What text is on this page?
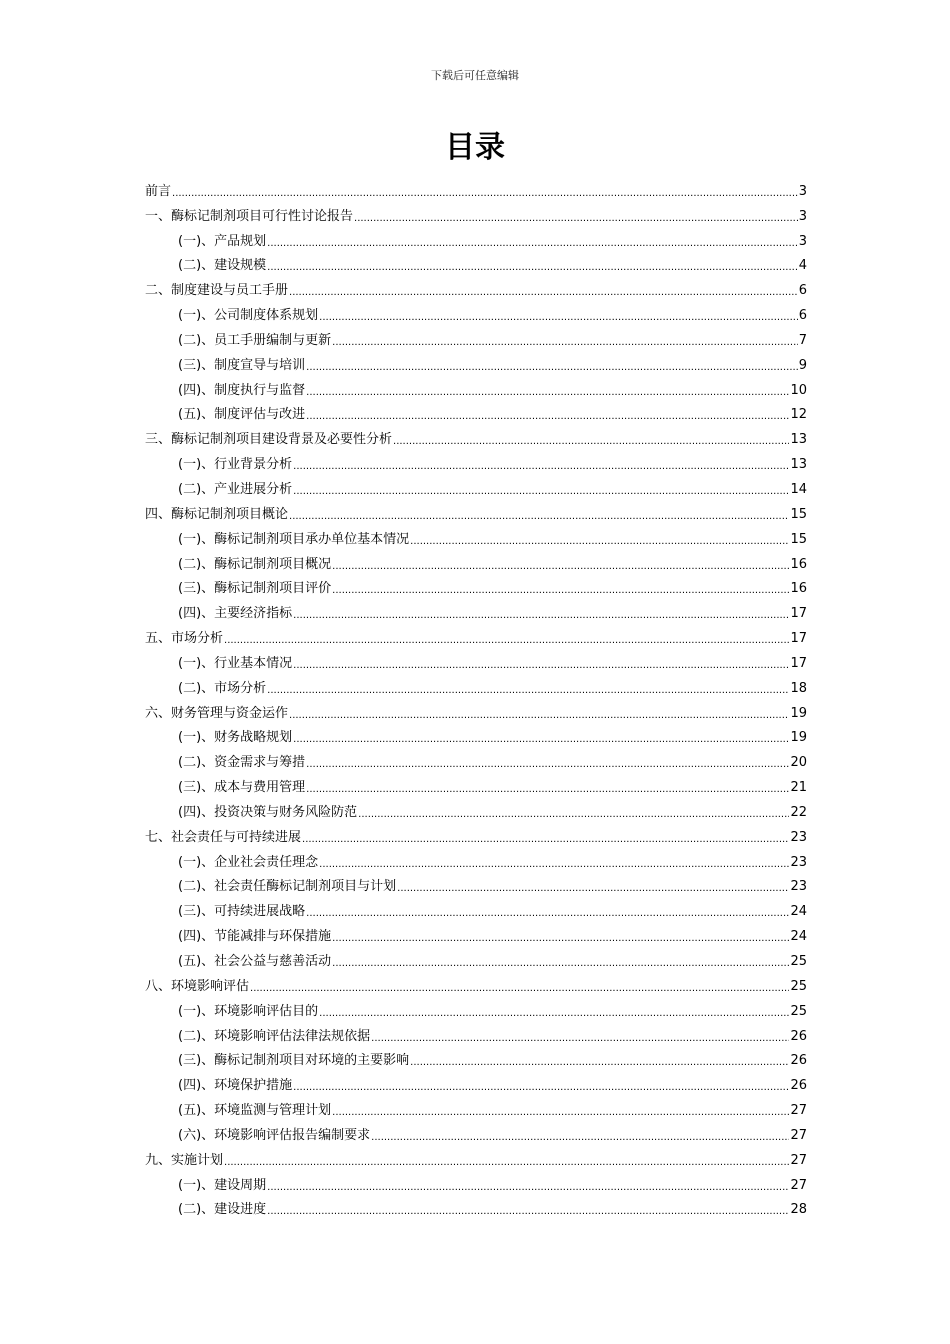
下载后可任意编辑
目录
前言 .....	3
一、酶标记制剂项目可行性讨论报告 .....	3
(一)、产品规划 .....	3
(二)、建设规模 .....	4
二、制度建设与员工手册 .....	6
(一)、公司制度体系规划 .....	6
(二)、员工手册编制与更新 .....	7
(三)、制度宣导与培训 .....	9
(四)、制度执行与监督 .....	10
(五)、制度评估与改进 .....	12
三、酶标记制剂项目建设背景及必要性分析 .....	13
(一)、行业背景分析 .....	13
(二)、产业进展分析 .....	14
四、酶标记制剂项目概论 .....	15
(一)、酶标记制剂项目承办单位基本情况 .....	15
(二)、酶标记制剂项目概况 .....	16
(三)、酶标记制剂项目评价 .....	16
(四)、主要经济指标 .....	17
五、市场分析 .....	17
(一)、行业基本情况 .....	17
(二)、市场分析 .....	18
六、财务管理与资金运作 .....	19
(一)、财务战略规划 .....	19
(二)、资金需求与筹措 .....	20
(三)、成本与费用管理 .....	21
(四)、投资决策与财务风险防范 .....	22
七、社会责任与可持续进展 .....	23
(一)、企业社会责任理念 .....	23
(二)、社会责任酶标记制剂项目与计划 .....	23
(三)、可持续进展战略 .....	24
(四)、节能减排与环保措施 .....	24
(五)、社会公益与慈善活动 .....	25
八、环境影响评估 .....	25
(一)、环境影响评估目的 .....	25
(二)、环境影响评估法律法规依据 .....	26
(三)、酶标记制剂项目对环境的主要影响 .....	26
(四)、环境保护措施 .....	26
(五)、环境监测与管理计划 .....	27
(六)、环境影响评估报告编制要求 .....	27
九、实施计划 .....	27
(一)、建设周期 .....	27
(二)、建设进度 .....	28
